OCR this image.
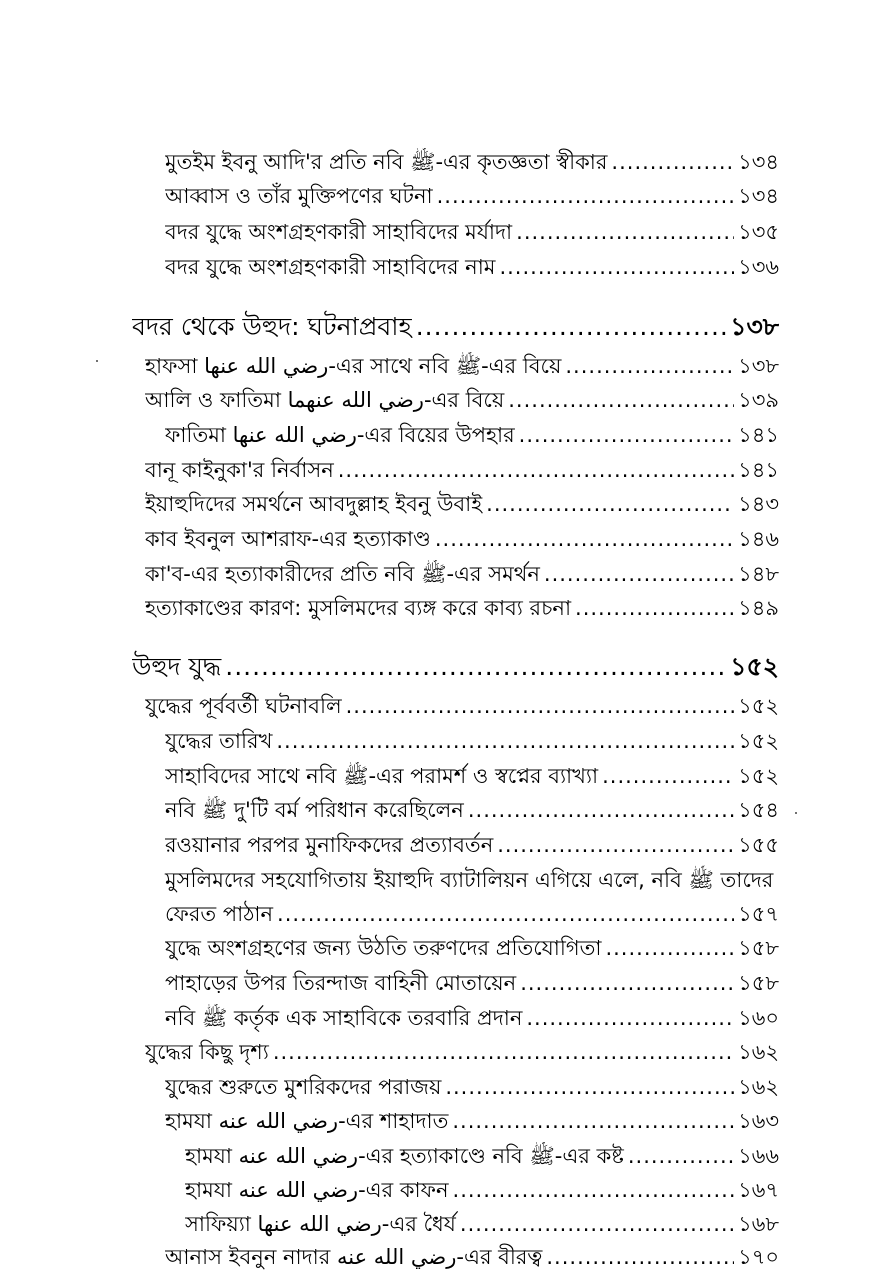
মুতইম ইবনু আদি'র প্রতি নবি ﷺ-এর কৃতজ্ঞতা স্বীকার .....	১৩৪
আব্বাস ও তাঁর মুক্তিপণের ঘটনা .....	১৩৪
বদর যুদ্ধে অংশগ্রহণকারী সাহাবিদের মর্যাদা .....	১৩৫
বদর যুদ্ধে অংশগ্রহণকারী সাহাবিদের নাম .....	১৩৬
বদর থেকে উহুদ: ঘটনাপ্রবাহ .....	১৩৮
হাফসা رضي الله عنها-এর সাথে নবি ﷺ-এর বিয়ে .....	১৩৮
আলি ও ফাতিমা رضي الله عنهما-এর বিয়ে .....	১৩৯
ফাতিমা رضي الله عنها-এর বিয়ের উপহার .....	১৪১
বানূ কাইনুকা'র নির্বাসন .....	১৪১
ইয়াহুদিদের সমর্থনে আবদুল্লাহ ইবনু উবাই .....	১৪৩
কাব ইবনুল আশরাফ-এর হত্যাকাণ্ড .....	১৪৬
কা'ব-এর হত্যাকারীদের প্রতি নবি ﷺ-এর সমর্থন .....	১৪৮
হত্যাকাণ্ডের কারণ: মুসলিমদের ব্যঙ্গ করে কাব্য রচনা .....	১৪৯
উহুদ যুদ্ধ .....	১৫২
যুদ্ধের পূর্ববর্তী ঘটনাবলি .....	১৫২
যুদ্ধের তারিখ .....	১৫২
সাহাবিদের সাথে নবি ﷺ-এর পরামর্শ ও স্বপ্নের ব্যাখ্যা .....	১৫২
নবি ﷺ দু'টি বর্ম পরিধান করেছিলেন .....	১৫৪
রওয়ানার পরপর মুনাফিকদের প্রত্যাবর্তন .....	১৫৫
মুসলিমদের সহযোগিতায় ইয়াহুদি ব্যাটালিয়ন এগিয়ে এলে, নবি ﷺ তাদের
ফেরত পাঠান .....	১৫৭
যুদ্ধে অংশগ্রহণের জন্য উঠতি তরুণদের প্রতিযোগিতা .....	১৫৮
পাহাড়ের উপর তিরন্দাজ বাহিনী মোতায়েন .....	১৫৮
নবি ﷺ কর্তৃক এক সাহাবিকে তরবারি প্রদান .....	১৬০
যুদ্ধের কিছু দৃশ্য .....	১৬২
যুদ্ধের শুরুতে মুশরিকদের পরাজয় .....	১৬২
হামযা رضي الله عنه-এর শাহাদাত .....	১৬৩
হামযা رضي الله عنه-এর হত্যাকাণ্ডে নবি ﷺ-এর কষ্ট .....	১৬৬
হামযা رضي الله عنه-এর কাফন .....	১৬৭
সাফিয়্যা رضي الله عنها-এর ধৈর্য .....	১৬৮
আনাস ইবনুন নাদার رضي الله عنه-এর বীরত্ব .....	১৭০
